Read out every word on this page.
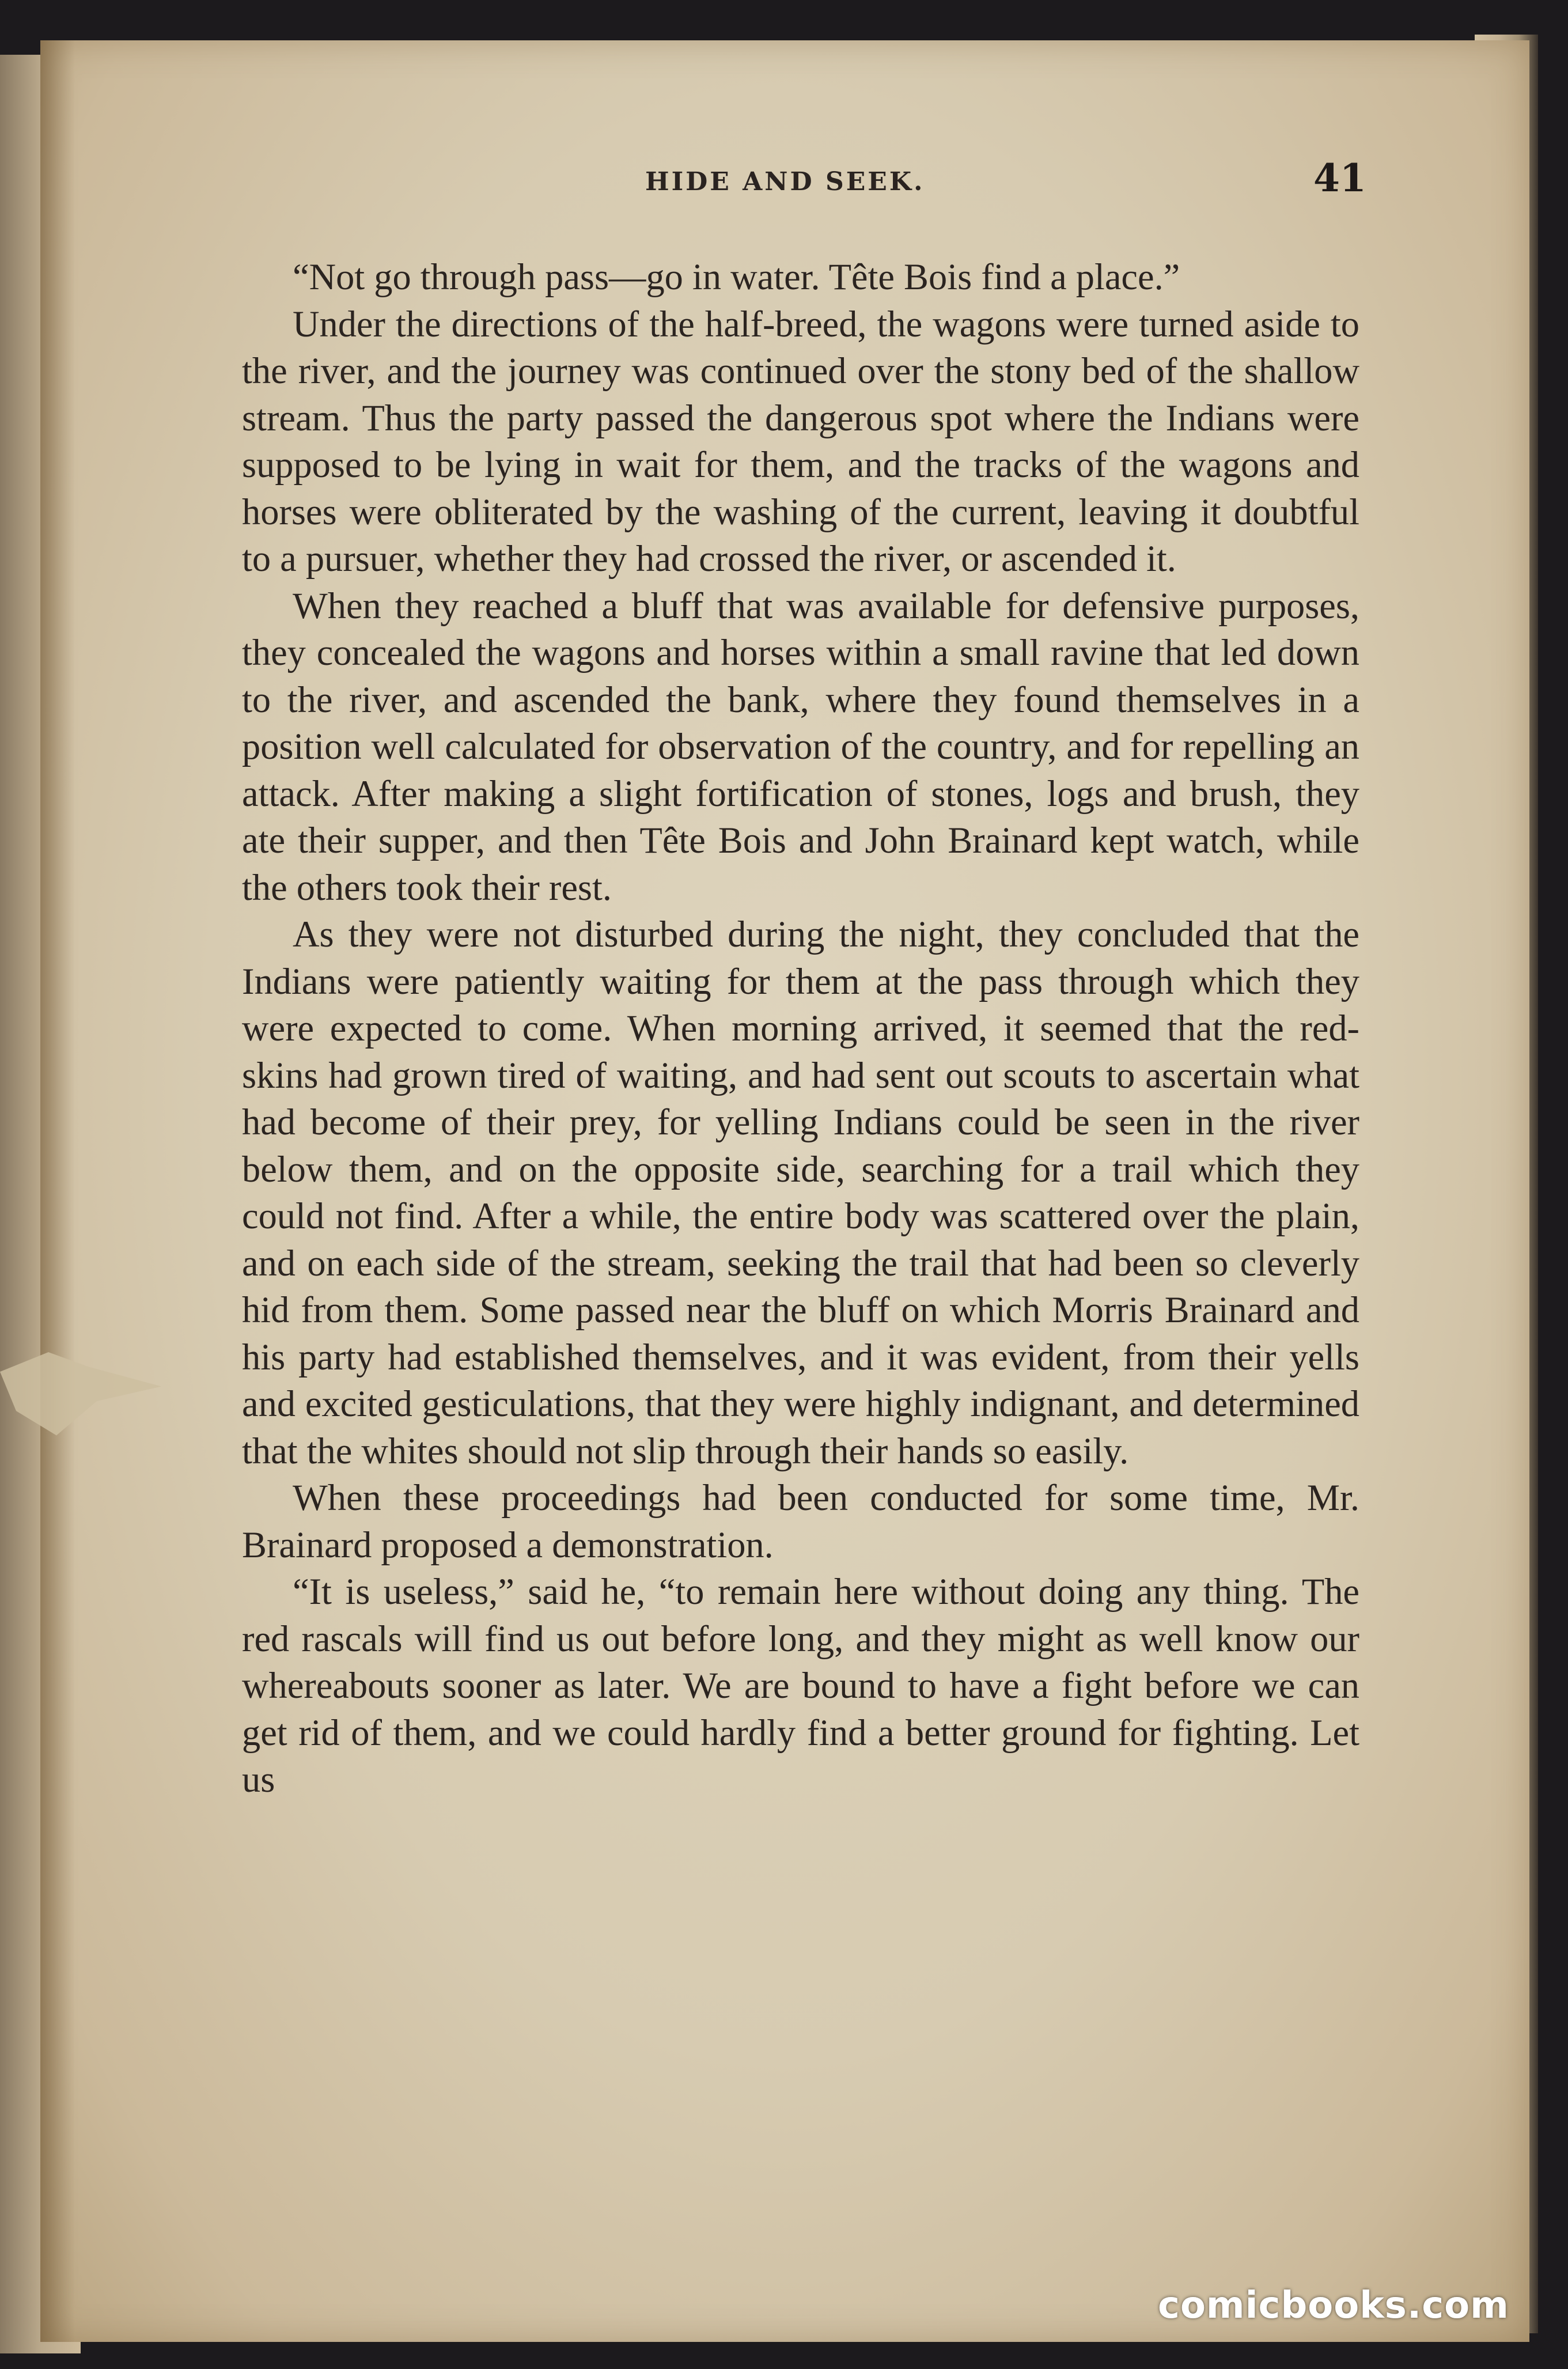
HIDE AND SEEK.	41

“Not go through pass—go in water. Tête Bois find a place.”

Under the directions of the half-breed, the wagons were turned aside to the river, and the journey was continued over the stony bed of the shallow stream. Thus the party passed the dangerous spot where the Indians were supposed to be lying in wait for them, and the tracks of the wagons and horses were obliterated by the washing of the current, leaving it doubtful to a pursuer, whether they had crossed the river, or ascended it.

When they reached a bluff that was available for defensive purposes, they concealed the wagons and horses within a small ravine that led down to the river, and ascended the bank, where they found themselves in a position well calculated for observation of the country, and for repelling an attack. After making a slight fortification of stones, logs and brush, they ate their supper, and then Tête Bois and John Brainard kept watch, while the others took their rest.

As they were not disturbed during the night, they concluded that the Indians were patiently waiting for them at the pass through which they were expected to come. When morning arrived, it seemed that the red-skins had grown tired of waiting, and had sent out scouts to ascertain what had become of their prey, for yelling Indians could be seen in the river below them, and on the opposite side, searching for a trail which they could not find. After a while, the entire body was scattered over the plain, and on each side of the stream, seeking the trail that had been so cleverly hid from them. Some passed near the bluff on which Morris Brainard and his party had established themselves, and it was evident, from their yells and excited gesticulations, that they were highly indignant, and determined that the whites should not slip through their hands so easily.

When these proceedings had been conducted for some time, Mr. Brainard proposed a demonstration.

“It is useless,” said he, “to remain here without doing any thing. The red rascals will find us out before long, and they might as well know our whereabouts sooner as later. We are bound to have a fight before we can get rid of them, and we could hardly find a better ground for fighting. Let us

comicbooks.com
